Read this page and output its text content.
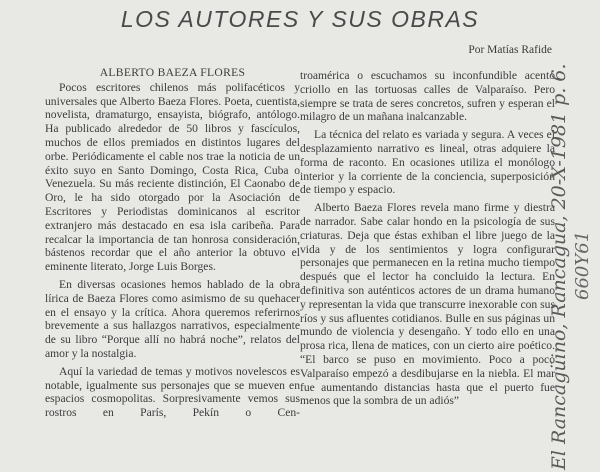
LOS AUTORES Y SUS OBRAS
Por Matías Rafide
ALBERTO BAEZA FLORES

Pocos escritores chilenos más polifacéticos y universales que Alberto Baeza Flores. Poeta, cuentista, novelista, dramaturgo, ensayista, biógrafo, antólogo. Ha publicado alrededor de 50 libros y fascículos, muchos de ellos premiados en distintos lugares del orbe. Periódicamente el cable nos trae la noticia de un éxito suyo en Santo Domingo, Costa Rica, Cuba o Venezuela. Su más reciente distinción, El Caonabo de Oro, le ha sido otorgado por la Asociación de Escritores y Periodistas dominicanos al escritor extranjero más destacado en esa isla caribeña. Para recalcar la importancia de tan honrosa consideración, bástenos recordar que el año anterior la obtuvo el eminente literato, Jorge Luis Borges.

En diversas ocasiones hemos hablado de la obra lírica de Baeza Flores como asimismo de su quehacer en el ensayo y la crítica. Ahora queremos referirnos brevemente a sus hallazgos narrativos, especialmente de su libro “Porque allí no habrá noche”, relatos del amor y la nostalgia.

Aquí la variedad de temas y motivos novelescos es notable, igualmente sus personajes que se mueven en espacios cosmopolitas. Sorpresivamente vemos sus rostros en París, Pekín o Cen-

troamérica o escuchamos su inconfundible acento criollo en las tortuosas calles de Valparaíso. Pero siempre se trata de seres concretos, sufren y esperan el milagro de un mañana inalcanzable.

La técnica del relato es variada y segura. A veces el desplazamiento narrativo es lineal, otras adquiere la forma de raconto. En ocasiones utiliza el monólogo interior y la corriente de la conciencia, superposición de tiempo y espacio.

Alberto Baeza Flores revela mano firme y diestra de narrador. Sabe calar hondo en la psicología de sus criaturas. Deja que éstas exhiban el libre juego de la vida y de los sentimientos y logra configurar personajes que permanecen en la retina mucho tiempo después que el lector ha concluido la lectura. En definitiva son auténticos actores de un drama humano y representan la vida que transcurre inexorable con sus ríos y sus afluentes cotidianos. Bulle en sus páginas un mundo de violencia y desengaño. Y todo ello en una prosa rica, llena de matices, con un cierto aire poético. “El barco se puso en movimiento. Poco a poco Valparaíso empezó a desdibujarse en la niebla. El mar fue aumentando distancias hasta que el puerto fue menos que la sombra de un adiós”	El Rancagüino, Rancagua, 20-X-1981 p. 6. 660Y61
